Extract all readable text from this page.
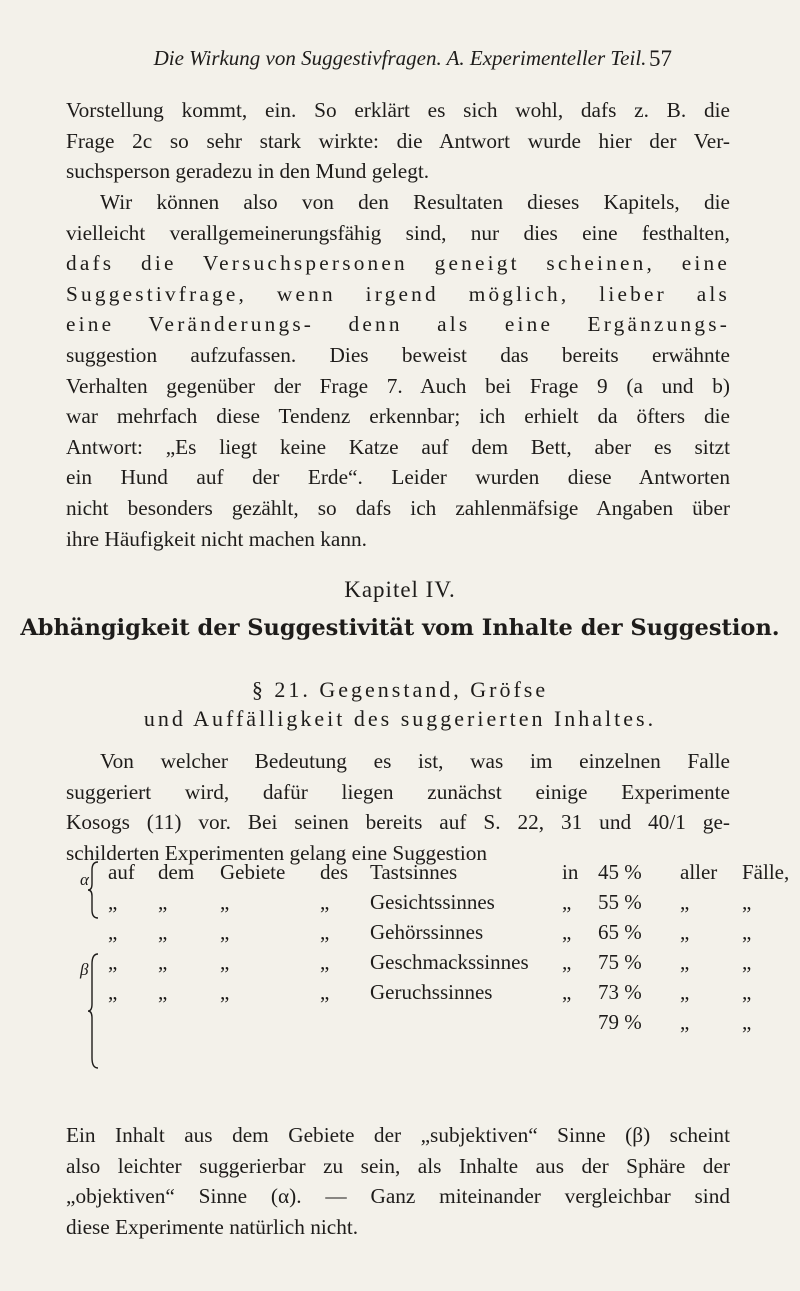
Die Wirkung von Suggestivfragen. A. Experimenteller Teil. 57
Vorstellung kommt, ein. So erklärt es sich wohl, dafs z. B. die
Frage 2c so sehr stark wirkte: die Antwort wurde hier der Ver-
suchsperson geradezu in den Mund gelegt.
Wir können also von den Resultaten dieses Kapitels, die
vielleicht verallgemeinerungsfähig sind, nur dies eine festhalten,
dafs die Versuchspersonen geneigt scheinen, eine
Suggestivfrage, wenn irgend möglich, lieber als
eine Veränderungs- denn als eine Ergänzungs-
suggestion aufzufassen. Dies beweist das bereits erwähnte
Verhalten gegenüber der Frage 7. Auch bei Frage 9 (a und b)
war mehrfach diese Tendenz erkennbar; ich erhielt da öfters die
Antwort: „Es liegt keine Katze auf dem Bett, aber es sitzt
ein Hund auf der Erde“. Leider wurden diese Antworten
nicht besonders gezählt, so dafs ich zahlenmäfsige Angaben über
ihre Häufigkeit nicht machen kann.
Kapitel IV.
Abhängigkeit der Suggestivität vom Inhalte der Suggestion.
§ 21. Gegenstand, Gröfse
und Auffälligkeit des suggerierten Inhaltes.
Von welcher Bedeutung es ist, was im einzelnen Falle
suggeriert wird, dafür liegen zunächst einige Experimente
Kosogs (11) vor. Bei seinen bereits auf S. 22, 31 und 40/1 ge-
schilderten Experimenten gelang eine Suggestion
α
β
	auf	dem	Gebiete	des	Tastsinnes	in	45 %	aller	Fälle,
	„	„	„	„	Gesichtssinnes	„	55 %	„	„
	„	„	„	„	Gehörssinnes	„	65 %	„	„
	„	„	„	„	Geschmackssinnes	„	75 %	„	„
	„	„	„	„	Geruchssinnes	„	73 %	„	„
							79 %	„	„
Ein Inhalt aus dem Gebiete der „subjektiven“ Sinne (β) scheint
also leichter suggerierbar zu sein, als Inhalte aus der Sphäre der
„objektiven“ Sinne (α). — Ganz miteinander vergleichbar sind
diese Experimente natürlich nicht.
